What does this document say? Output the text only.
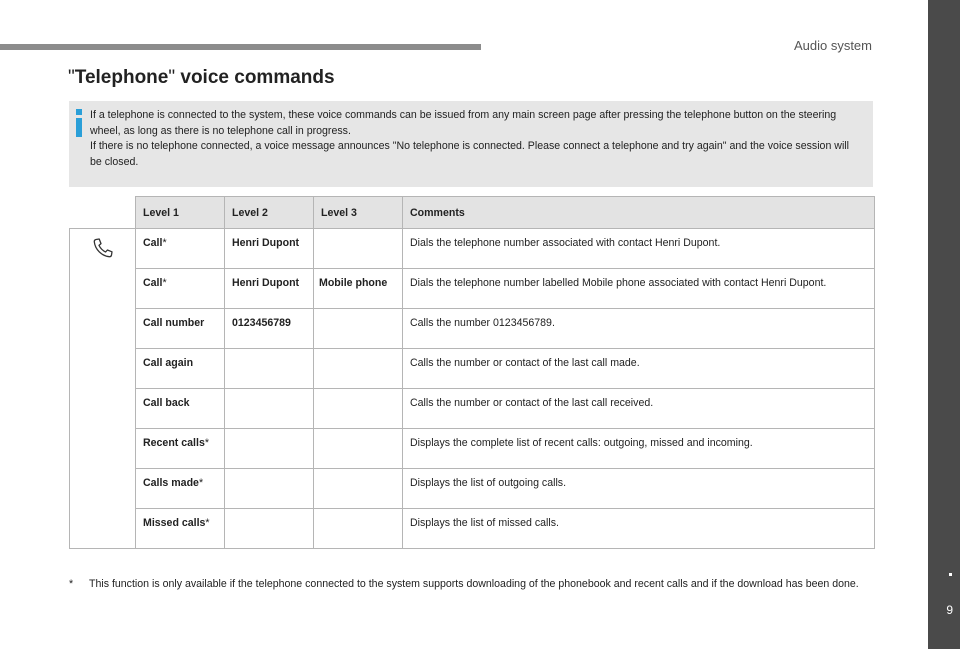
Audio system
9
"Telephone" voice commands

If a telephone is connected to the system, these voice commands can be issued from any main screen page after pressing the telephone button on the steering wheel, as long as there is no telephone call in progress.

If there is no telephone connected, a voice message announces "No telephone is connected. Please connect a telephone and try again" and the voice session will be closed.

	Level 1	Level 2	Level 3	Comments
	Call*	Henri Dupont		Dials the telephone number associated with contact Henri Dupont.
	Call*	Henri Dupont	Mobile phone	Dials the telephone number labelled Mobile phone associated with contact Henri Dupont.
	Call number	0123456789		Calls the number 0123456789.
	Call again			Calls the number or contact of the last call made.
	Call back			Calls the number or contact of the last call received.
	Recent calls*			Displays the complete list of recent calls: outgoing, missed and incoming.
	Calls made*			Displays the list of outgoing calls.
	Missed calls*			Displays the list of missed calls.
* This function is only available if the telephone connected to the system supports downloading of the phonebook and recent calls and if the download has been done.
